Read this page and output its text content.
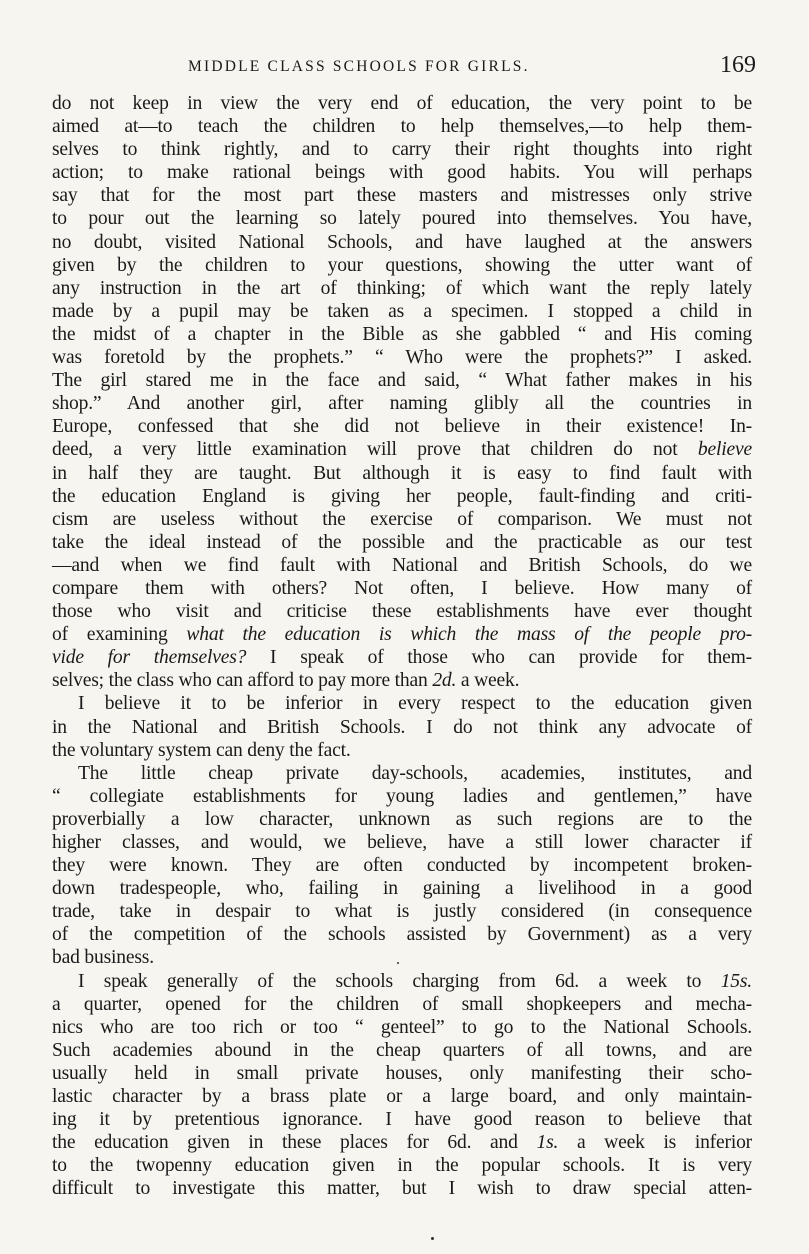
MIDDLE CLASS SCHOOLS FOR GIRLS.	169
do not keep in view the very end of education, the very point to be
aimed at—to teach the children to help themselves,—to help them-
selves to think rightly, and to carry their right thoughts into right
action; to make rational beings with good habits. You will perhaps
say that for the most part these masters and mistresses only strive
to pour out the learning so lately poured into themselves. You have,
no doubt, visited National Schools, and have laughed at the answers
given by the children to your questions, showing the utter want of
any instruction in the art of thinking; of which want the reply lately
made by a pupil may be taken as a specimen. I stopped a child in
the midst of a chapter in the Bible as she gabbled “ and His coming
was foretold by the prophets.” “ Who were the prophets?” I asked.
The girl stared me in the face and said, “ What father makes in his
shop.” And another girl, after naming glibly all the countries in
Europe, confessed that she did not believe in their existence! In-
deed, a very little examination will prove that children do not believe
in half they are taught. But although it is easy to find fault with
the education England is giving her people, fault-finding and criti-
cism are useless without the exercise of comparison. We must not
take the ideal instead of the possible and the practicable as our test
—and when we find fault with National and British Schools, do we
compare them with others? Not often, I believe. How many of
those who visit and criticise these establishments have ever thought
of examining what the education is which the mass of the people pro-
vide for themselves? I speak of those who can provide for them-
selves; the class who can afford to pay more than 2d. a week.
I believe it to be inferior in every respect to the education given
in the National and British Schools. I do not think any advocate of
the voluntary system can deny the fact.
The little cheap private day-schools, academies, institutes, and
“ collegiate establishments for young ladies and gentlemen,” have
proverbially a low character, unknown as such regions are to the
higher classes, and would, we believe, have a still lower character if
they were known. They are often conducted by incompetent broken-
down tradespeople, who, failing in gaining a livelihood in a good
trade, take in despair to what is justly considered (in consequence
of the competition of the schools assisted by Government) as a very
bad business.
I speak generally of the schools charging from 6d. a week to 15s.
a quarter, opened for the children of small shopkeepers and mecha-
nics who are too rich or too “ genteel” to go to the National Schools.
Such academies abound in the cheap quarters of all towns, and are
usually held in small private houses, only manifesting their scho-
lastic character by a brass plate or a large board, and only maintain-
ing it by pretentious ignorance. I have good reason to believe that
the education given in these places for 6d. and 1s. a week is inferior
to the twopenny education given in the popular schools. It is very
difficult to investigate this matter, but I wish to draw special atten-
